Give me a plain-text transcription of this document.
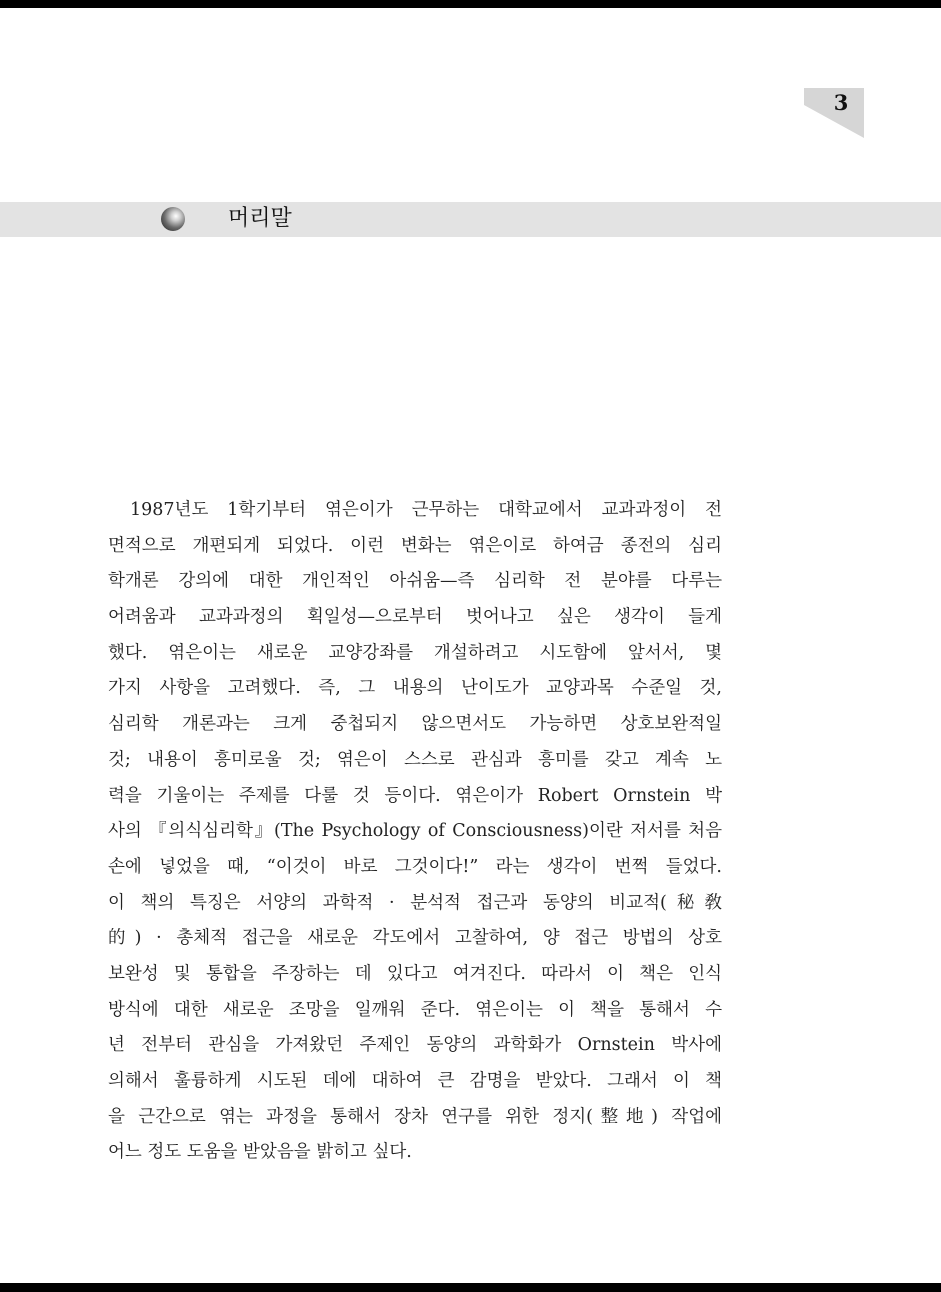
3
머리말
1987년도 1학기부터 엮은이가 근무하는 대학교에서 교과과정이 전
면적으로 개편되게 되었다. 이런 변화는 엮은이로 하여금 종전의 심리
학개론 강의에 대한 개인적인 아쉬움—즉 심리학 전 분야를 다루는
어려움과 교과과정의 획일성—으로부터 벗어나고 싶은 생각이 들게
했다. 엮은이는 새로운 교양강좌를 개설하려고 시도함에 앞서서, 몇
가지 사항을 고려했다. 즉, 그 내용의 난이도가 교양과목 수준일 것,
심리학 개론과는 크게 중첩되지 않으면서도 가능하면 상호보완적일
것; 내용이 흥미로울 것; 엮은이 스스로 관심과 흥미를 갖고 계속 노
력을 기울이는 주제를 다룰 것 등이다. 엮은이가 Robert Ornstein 박
사의 『의식심리학』(The Psychology of Consciousness)이란 저서를 처음
손에 넣었을 때, “이것이 바로 그것이다!” 라는 생각이 번쩍 들었다.
이 책의 특징은 서양의 과학적 · 분석적 접근과 동양의 비교적(秘敎
的) · 총체적 접근을 새로운 각도에서 고찰하여, 양 접근 방법의 상호
보완성 및 통합을 주장하는 데 있다고 여겨진다. 따라서 이 책은 인식
방식에 대한 새로운 조망을 일깨워 준다. 엮은이는 이 책을 통해서 수
년 전부터 관심을 가져왔던 주제인 동양의 과학화가 Ornstein 박사에
의해서 훌륭하게 시도된 데에 대하여 큰 감명을 받았다. 그래서 이 책
을 근간으로 엮는 과정을 통해서 장차 연구를 위한 정지(整地) 작업에
어느 정도 도움을 받았음을 밝히고 싶다.
